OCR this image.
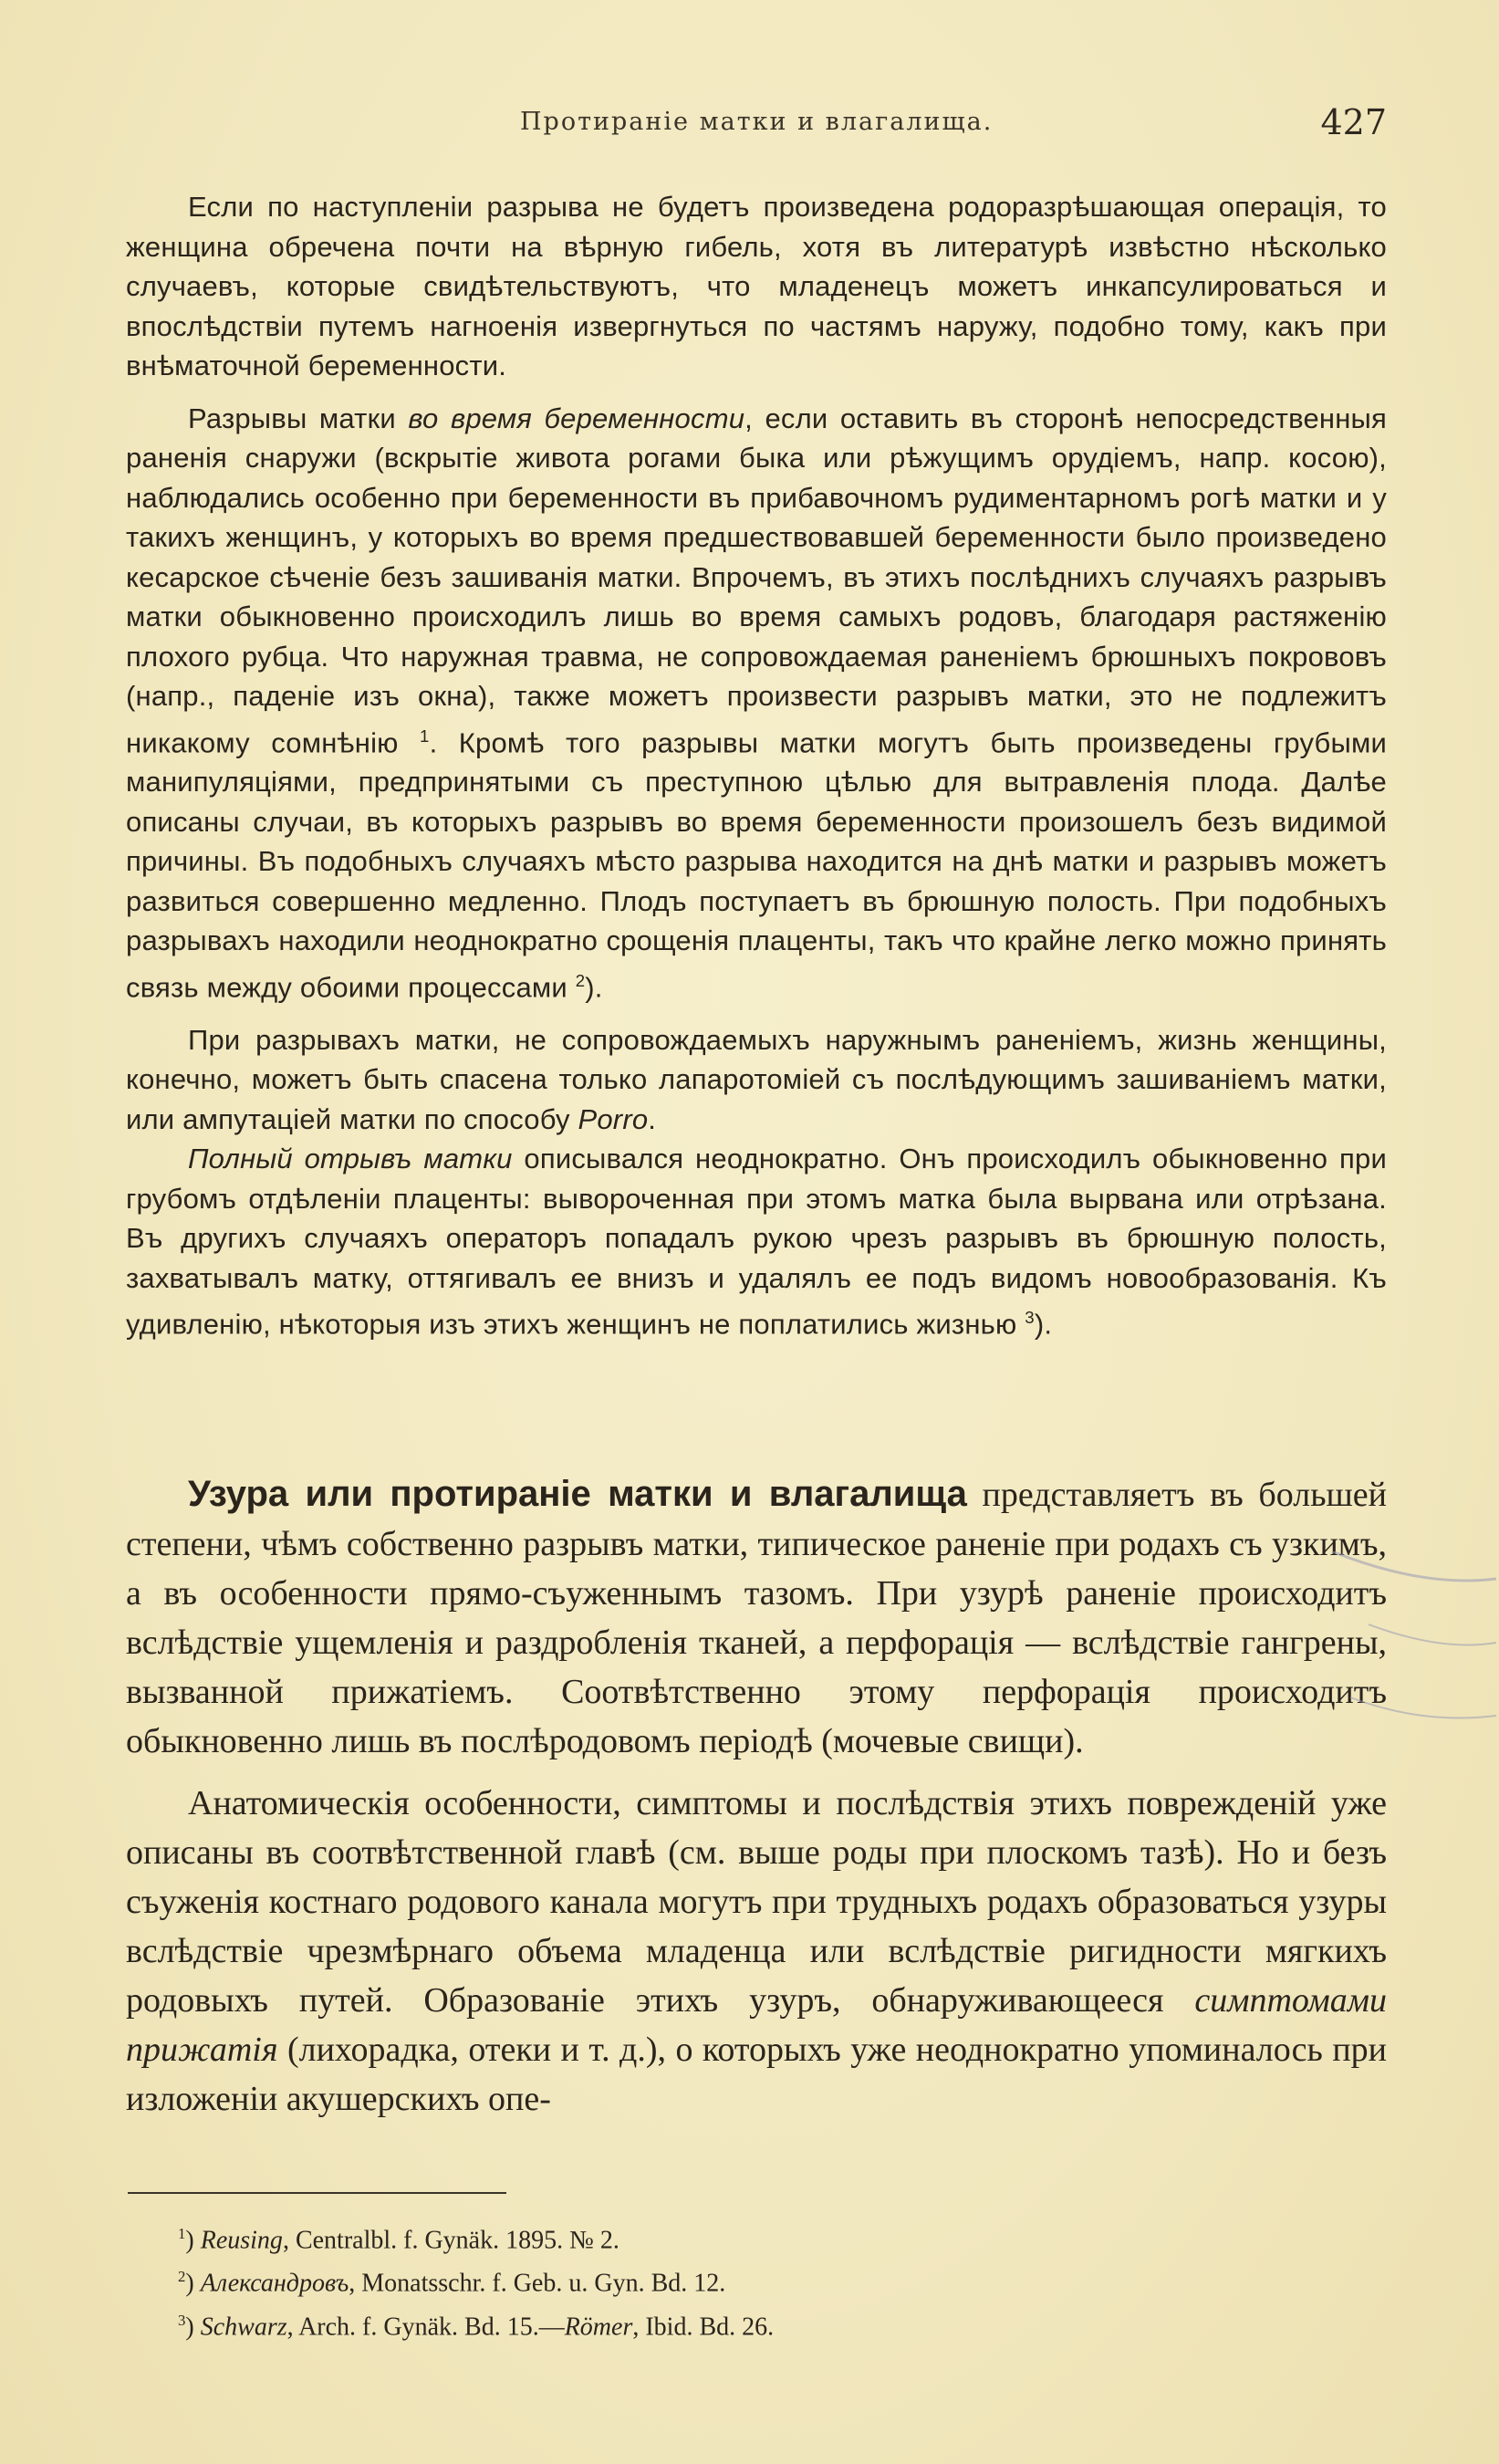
Протираніе матки и влагалища.	427

Если по наступленіи разрыва не будетъ произведена родоразрѣшающая операція, то женщина обречена почти на вѣрную гибель, хотя въ литературѣ извѣстно нѣсколько случаевъ, которые свидѣтельствуютъ, что младенецъ можетъ инкапсулироваться и впослѣдствіи путемъ нагноенія извергнуться по частямъ наружу, подобно тому, какъ при внѣматочной беременности.

Разрывы матки во время беременности, если оставить въ сторонѣ непосредственныя раненія снаружи (вскрытіе живота рогами быка или рѣжущимъ орудіемъ, напр. косою), наблюдались особенно при беременности въ прибавочномъ рудиментарномъ рогѣ матки и у такихъ женщинъ, у которыхъ во время предшествовавшей беременности было произведено кесарское сѣченіе безъ зашиванія матки. Впрочемъ, въ этихъ послѣднихъ случаяхъ разрывъ матки обыкновенно происходилъ лишь во время самыхъ родовъ, благодаря растяженію плохого рубца. Что наружная травма, не сопровождаемая раненіемъ брюшныхъ покрововъ (напр., паденіе изъ окна), также можетъ произвести разрывъ матки, это не подлежитъ никакому сомнѣнію $^1$. Кромѣ того разрывы матки могутъ быть произведены грубыми манипуляціями, предпринятыми съ преступною цѣлью для вытравленія плода. Далѣе описаны случаи, въ которыхъ разрывъ во время беременности произошелъ безъ видимой причины. Въ подобныхъ случаяхъ мѣсто разрыва находится на днѣ матки и разрывъ можетъ развиться совершенно медленно. Плодъ поступаетъ въ брюшную полость. При подобныхъ разрывахъ находили неоднократно срощенія плаценты, такъ что крайне легко можно принять связь между обоими процессами $^2$).

При разрывахъ матки, не сопровождаемыхъ наружнымъ раненіемъ, жизнь женщины, конечно, можетъ быть спасена только лапаротоміей съ послѣдующимъ зашиваніемъ матки, или ампутаціей матки по способу Porro.

Полный отрывъ матки описывался неоднократно. Онъ происходилъ обыкновенно при грубомъ отдѣленіи плаценты: вывороченная при этомъ матка была вырвана или отрѣзана. Въ другихъ случаяхъ операторъ попадалъ рукою чрезъ разрывъ въ брюшную полость, захватывалъ матку, оттягивалъ ее внизъ и удалялъ ее подъ видомъ новообразованія. Къ удивленію, нѣкоторыя изъ этихъ женщинъ не поплатились жизнью $^3$).

Узура или протираніе матки и влагалища представляетъ въ большей степени, чѣмъ собственно разрывъ матки, типическое раненіе при родахъ съ узкимъ, а въ особенности прямо-съуженнымъ тазомъ. При узурѣ раненіе происходитъ вслѣдствіе ущемленія и раздробленія тканей, а перфорація — вслѣдствіе гангрены, вызванной прижатіемъ. Соотвѣтственно этому перфорація происходитъ обыкновенно лишь въ послѣродовомъ періодѣ (мочевые свищи).

Анатомическія особенности, симптомы и послѣдствія этихъ поврежденій уже описаны въ соотвѣтственной главѣ (см. выше роды при плоскомъ тазѣ). Но и безъ съуженія костнаго родового канала могутъ при трудныхъ родахъ образоваться узуры вслѣдствіе чрезмѣрнаго объема младенца или вслѣдствіе ригидности мягкихъ родовыхъ путей. Образованіе этихъ узуръ, обнаруживающееся симптомами прижатія (лихорадка, отеки и т. д.), о которыхъ уже неоднократно упоминалось при изложеніи акушерскихъ опе-

$^1$) Reusing, Centralbl. f. Gynäk. 1895. № 2.
$^2$) Александровъ, Monatsschr. f. Geb. u. Gyn. Bd. 12.
$^3$) Schwarz, Arch. f. Gynäk. Bd. 15.—Römer, Ibid. Bd. 26.
